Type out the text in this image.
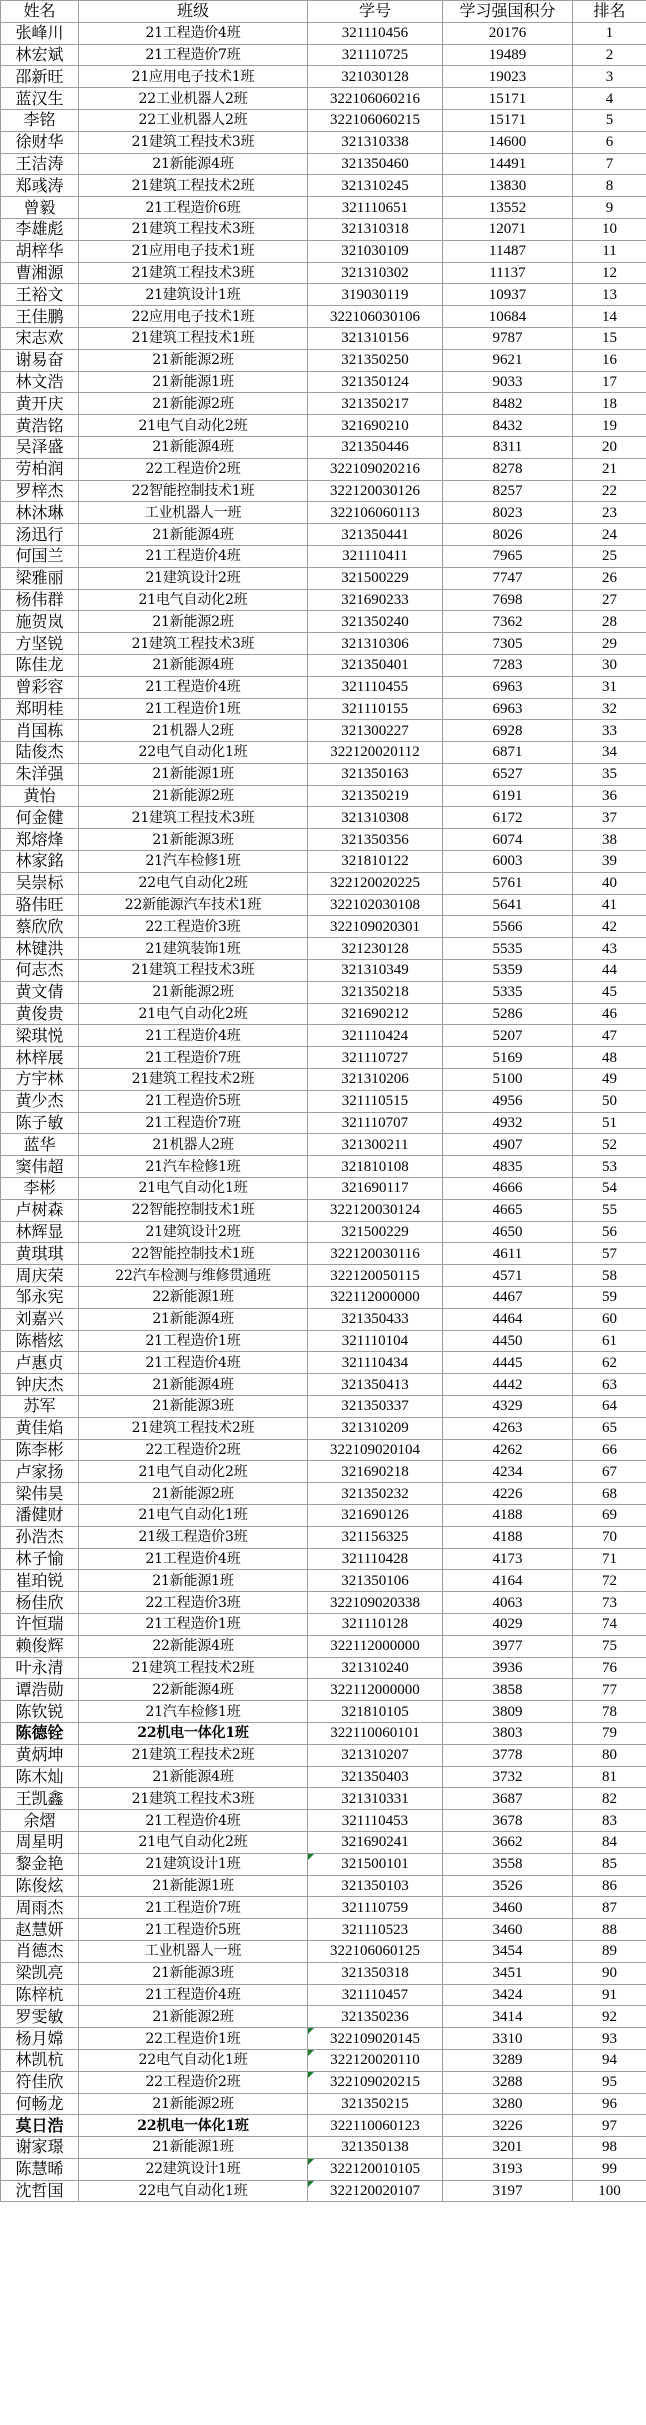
姓名	班级	学号	学习强国积分	排名
张峰川	21工程造价4班	321110456	20176	1
林宏斌	21工程造价7班	321110725	19489	2
邵新旺	21应用电子技术1班	321030128	19023	3
蓝汉生	22工业机器人2班	322106060216	15171	4
李铭	22工业机器人2班	322106060215	15171	5
徐财华	21建筑工程技术3班	321310338	14600	6
王洁涛	21新能源4班	321350460	14491	7
郑彧涛	21建筑工程技术2班	321310245	13830	8
曾毅	21工程造价6班	321110651	13552	9
李雄彪	21建筑工程技术3班	321310318	12071	10
胡梓华	21应用电子技术1班	321030109	11487	11
曹湘源	21建筑工程技术3班	321310302	11137	12
王裕文	21建筑设计1班	319030119	10937	13
王佳鹏	22应用电子技术1班	322106030106	10684	14
宋志欢	21建筑工程技术1班	321310156	9787	15
谢易奋	21新能源2班	321350250	9621	16
林文浩	21新能源1班	321350124	9033	17
黄开庆	21新能源2班	321350217	8482	18
黄浩铭	21电气自动化2班	321690210	8432	19
吴泽盛	21新能源4班	321350446	8311	20
劳柏润	22工程造价2班	322109020216	8278	21
罗梓杰	22智能控制技术1班	322120030126	8257	22
林沐琳	工业机器人一班	322106060113	8023	23
汤迅行	21新能源4班	321350441	8026	24
何国兰	21工程造价4班	321110411	7965	25
梁雅丽	21建筑设计2班	321500229	7747	26
杨伟群	21电气自动化2班	321690233	7698	27
施贺岚	21新能源2班	321350240	7362	28
方坚锐	21建筑工程技术3班	321310306	7305	29
陈佳龙	21新能源4班	321350401	7283	30
曾彩容	21工程造价4班	321110455	6963	31
郑明桂	21工程造价1班	321110155	6963	32
肖国栋	21机器人2班	321300227	6928	33
陆俊杰	22电气自动化1班	322120020112	6871	34
朱洋强	21新能源1班	321350163	6527	35
黄怡	21新能源2班	321350219	6191	36
何金健	21建筑工程技术3班	321310308	6172	37
郑熔烽	21新能源3班	321350356	6074	38
林家銘	21汽车检修1班	321810122	6003	39
吴崇标	22电气自动化2班	322120020225	5761	40
骆伟旺	22新能源汽车技术1班	322102030108	5641	41
蔡欣欣	22工程造价3班	322109020301	5566	42
林键洪	21建筑装饰1班	321230128	5535	43
何志杰	21建筑工程技术3班	321310349	5359	44
黄文倩	21新能源2班	321350218	5335	45
黄俊贵	21电气自动化2班	321690212	5286	46
梁琪悦	21工程造价4班	321110424	5207	47
林梓展	21工程造价7班	321110727	5169	48
方宇林	21建筑工程技术2班	321310206	5100	49
黄少杰	21工程造价5班	321110515	4956	50
陈子敏	21工程造价7班	321110707	4932	51
蓝华	21机器人2班	321300211	4907	52
窦伟超	21汽车检修1班	321810108	4835	53
李彬	21电气自动化1班	321690117	4666	54
卢树森	22智能控制技术1班	322120030124	4665	55
林辉显	21建筑设计2班	321500229	4650	56
黄琪琪	22智能控制技术1班	322120030116	4611	57
周庆荣	22汽车检测与维修贯通班	322120050115	4571	58
邹永宪	22新能源1班	322112000000	4467	59
刘嘉兴	21新能源4班	321350433	4464	60
陈楷炫	21工程造价1班	321110104	4450	61
卢惠贞	21工程造价4班	321110434	4445	62
钟庆杰	21新能源4班	321350413	4442	63
苏军	21新能源3班	321350337	4329	64
黄佳焰	21建筑工程技术2班	321310209	4263	65
陈李彬	22工程造价2班	322109020104	4262	66
卢家扬	21电气自动化2班	321690218	4234	67
梁伟昊	21新能源2班	321350232	4226	68
潘健财	21电气自动化1班	321690126	4188	69
孙浩杰	21级工程造价3班	321156325	4188	70
林子愉	21工程造价4班	321110428	4173	71
崔珀锐	21新能源1班	321350106	4164	72
杨佳欣	22工程造价3班	322109020338	4063	73
许恒瑞	21工程造价1班	321110128	4029	74
赖俊辉	22新能源4班	322112000000	3977	75
叶永清	21建筑工程技术2班	321310240	3936	76
谭浩勋	22新能源4班	322112000000	3858	77
陈钦锐	21汽车检修1班	321810105	3809	78
陈德铨	22机电一体化1班	322110060101	3803	79
黄炳坤	21建筑工程技术2班	321310207	3778	80
陈木灿	21新能源4班	321350403	3732	81
王凯鑫	21建筑工程技术3班	321310331	3687	82
余熠	21工程造价4班	321110453	3678	83
周星明	21电气自动化2班	321690241	3662	84
黎金艳	21建筑设计1班	321500101	3558	85
陈俊炫	21新能源1班	321350103	3526	86
周雨杰	21工程造价7班	321110759	3460	87
赵慧妍	21工程造价5班	321110523	3460	88
肖德杰	工业机器人一班	322106060125	3454	89
梁凯亮	21新能源3班	321350318	3451	90
陈梓杭	21工程造价4班	321110457	3424	91
罗雯敏	21新能源2班	321350236	3414	92
杨月嫦	22工程造价1班	322109020145	3310	93
林凯杭	22电气自动化1班	322120020110	3289	94
符佳欣	22工程造价2班	322109020215	3288	95
何畅龙	21新能源2班	321350215	3280	96
莫日浩	22机电一体化1班	322110060123	3226	97
谢家璟	21新能源1班	321350138	3201	98
陈慧晞	22建筑设计1班	322120010105	3193	99
沈哲国	22电气自动化1班	322120020107	3197	100
